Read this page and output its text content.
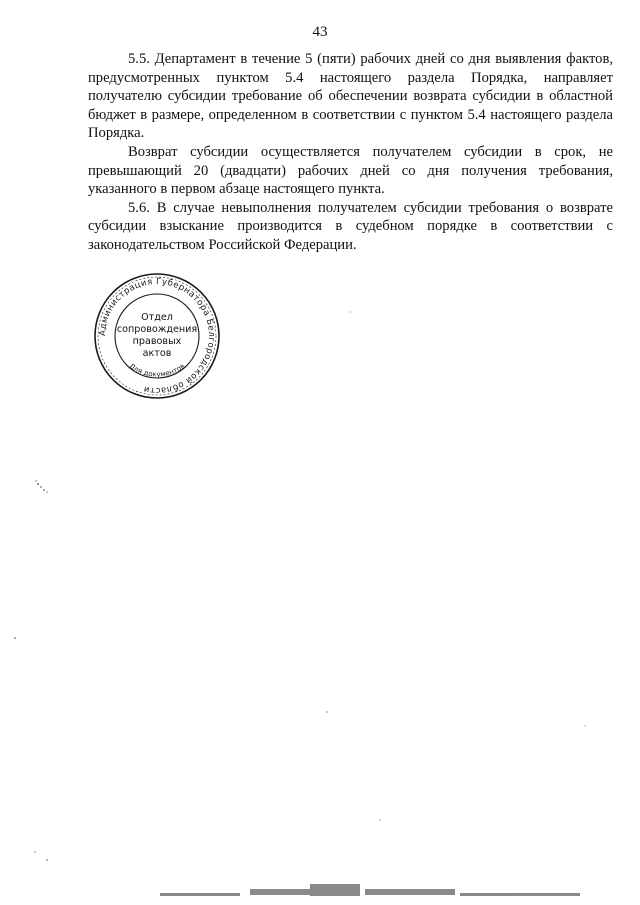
43

5.5. Департамент в течение 5 (пяти) рабочих дней со дня выявления фактов, предусмотренных пунктом 5.4 настоящего раздела Порядка, направляет получателю субсидии требование об обеспечении возврата субсидии в областной бюджет в размере, определенном в соответствии с пунктом 5.4 настоящего раздела Порядка.

Возврат субсидии осуществляется получателем субсидии в срок, не превышающий 20 (двадцати) рабочих дней со дня получения требования, указанного в первом абзаце настоящего пункта.

5.6. В случае невыполнения получателем субсидии требования о возврате субсидии взыскание производится в судебном порядке в соответствии с законодательством Российской Федерации.

Администрация Губернатора Белгородской области
Для документов
Отдел
сопровождения
правовых
актов
